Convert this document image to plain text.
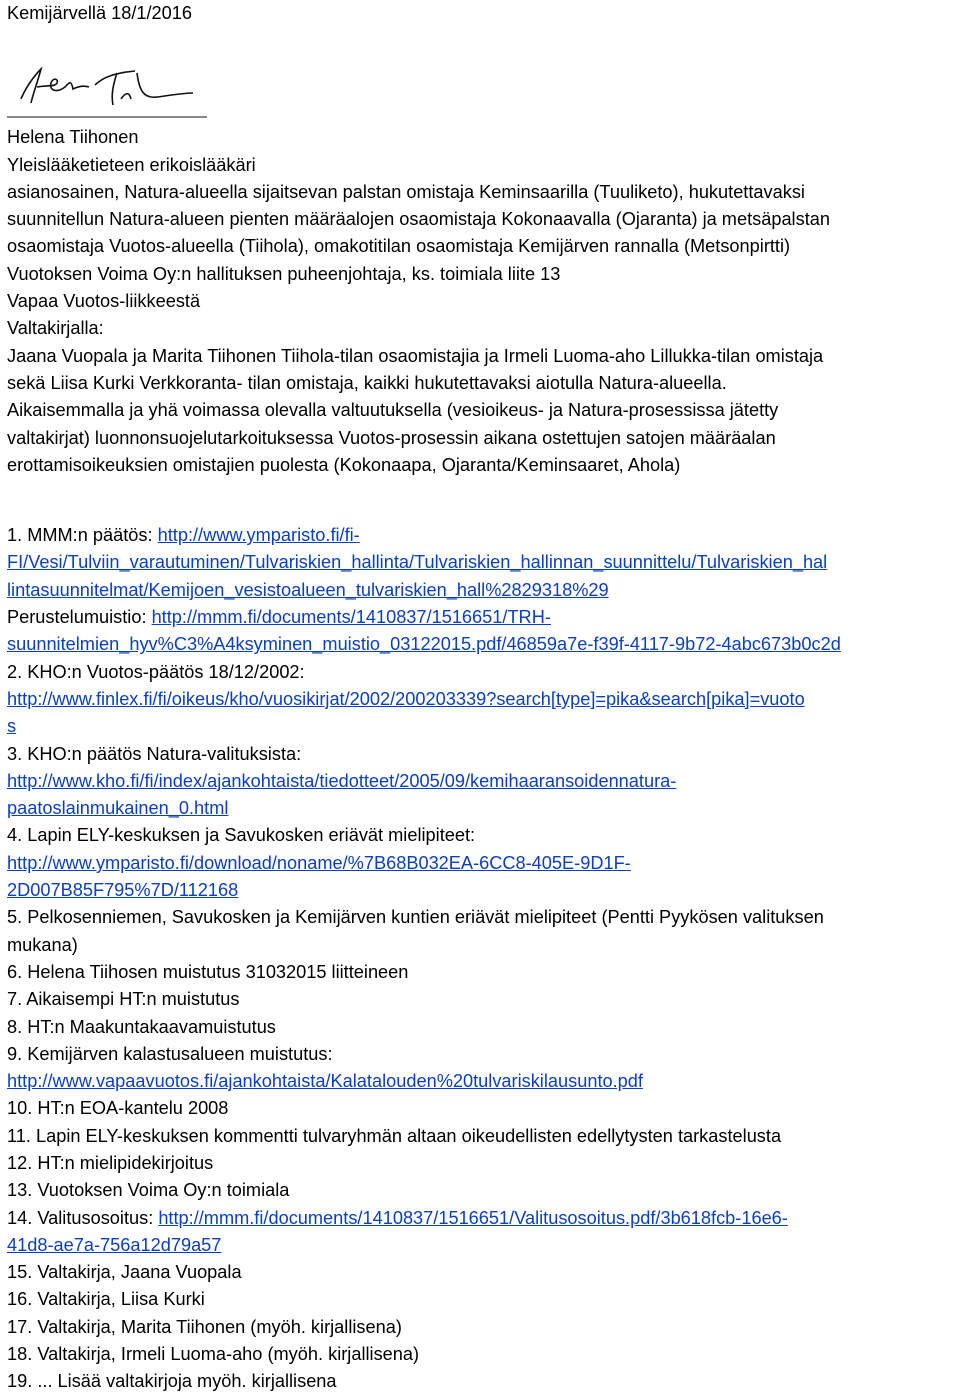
Kemijärvellä 18/1/2016
Helena Tiihonen
Yleislääketieteen erikoislääkäri
asianosainen, Natura-alueella sijaitsevan palstan omistaja Keminsaarilla (Tuuliketo), hukutettavaksi
suunnitellun Natura-alueen pienten määräalojen osaomistaja Kokonaavalla (Ojaranta) ja metsäpalstan
osaomistaja Vuotos-alueella (Tiihola), omakotitilan osaomistaja Kemijärven rannalla (Metsonpirtti)
Vuotoksen Voima Oy:n hallituksen puheenjohtaja, ks. toimiala liite 13
Vapaa Vuotos-liikkeestä
Valtakirjalla:
Jaana Vuopala ja Marita Tiihonen Tiihola-tilan osaomistajia ja Irmeli Luoma-aho Lillukka-tilan omistaja
sekä Liisa Kurki Verkkoranta- tilan omistaja, kaikki hukutettavaksi aiotulla Natura-alueella.
Aikaisemmalla ja yhä voimassa olevalla valtuutuksella (vesioikeus- ja Natura-prosessissa jätetty
valtakirjat) luonnonsuojelutarkoituksessa Vuotos-prosessin aikana ostettujen satojen määräalan
erottamisoikeuksien omistajien puolesta (Kokonaapa, Ojaranta/Keminsaaret, Ahola)
1. MMM:n päätös: http://www.ymparisto.fi/fi-
FI/Vesi/Tulviin_varautuminen/Tulvariskien_hallinta/Tulvariskien_hallinnan_suunnittelu/Tulvariskien_hal
lintasuunnitelmat/Kemijoen_vesistoalueen_tulvariskien_hall%2829318%29
Perustelumuistio: http://mmm.fi/documents/1410837/1516651/TRH-
suunnitelmien_hyv%C3%A4ksyminen_muistio_03122015.pdf/46859a7e-f39f-4117-9b72-4abc673b0c2d
2. KHO:n Vuotos-päätös 18/12/2002:
http://www.finlex.fi/fi/oikeus/kho/vuosikirjat/2002/200203339?search[type]=pika&search[pika]=vuoto
s
3. KHO:n päätös Natura-valituksista:
http://www.kho.fi/fi/index/ajankohtaista/tiedotteet/2005/09/kemihaaransoidennatura-
paatoslainmukainen_0.html
4. Lapin ELY-keskuksen ja Savukosken eriävät mielipiteet:
http://www.ymparisto.fi/download/noname/%7B68B032EA-6CC8-405E-9D1F-
2D007B85F795%7D/112168
5. Pelkosenniemen, Savukosken ja Kemijärven kuntien eriävät mielipiteet (Pentti Pyykösen valituksen
mukana)
6. Helena Tiihosen muistutus 31032015 liitteineen
7. Aikaisempi HT:n muistutus
8. HT:n Maakuntakaavamuistutus
9. Kemijärven kalastusalueen muistutus:
http://www.vapaavuotos.fi/ajankohtaista/Kalatalouden%20tulvariskilausunto.pdf
10. HT:n EOA-kantelu 2008
11. Lapin ELY-keskuksen kommentti tulvaryhmän altaan oikeudellisten edellytysten tarkastelusta
12. HT:n mielipidekirjoitus
13. Vuotoksen Voima Oy:n toimiala
14. Valitusosoitus: http://mmm.fi/documents/1410837/1516651/Valitusosoitus.pdf/3b618fcb-16e6-
41d8-ae7a-756a12d79a57
15. Valtakirja, Jaana Vuopala
16. Valtakirja, Liisa Kurki
17. Valtakirja, Marita Tiihonen (myöh. kirjallisena)
18. Valtakirja, Irmeli Luoma-aho (myöh. kirjallisena)
19. ... Lisää valtakirjoja myöh. kirjallisena
